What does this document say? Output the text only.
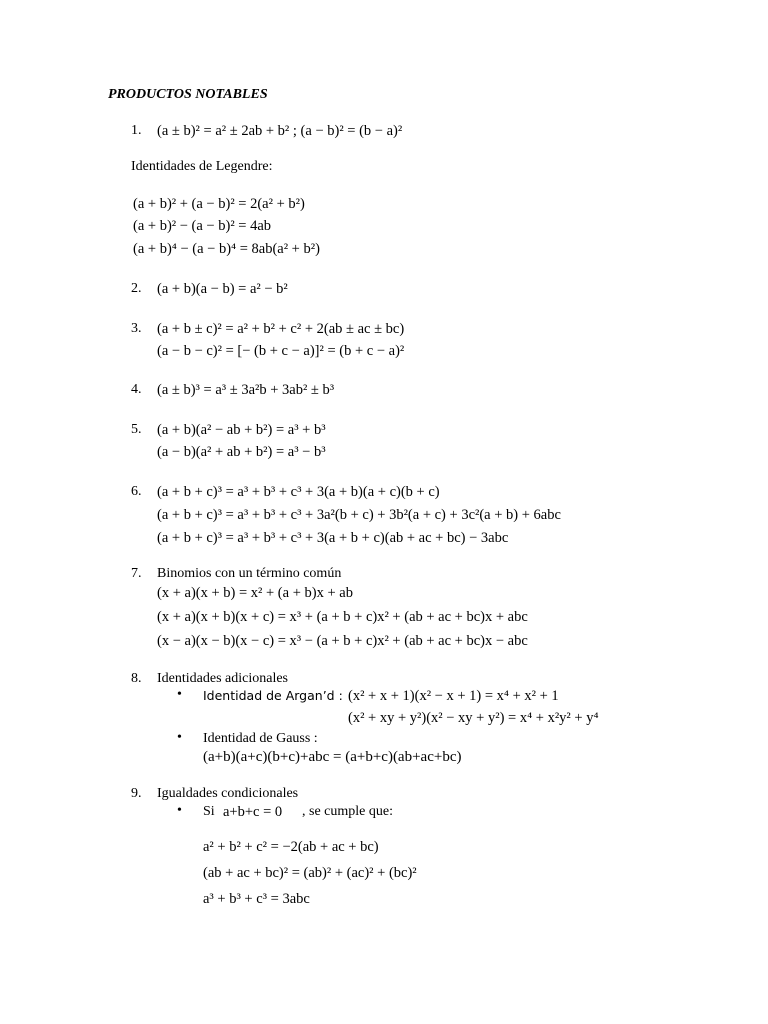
PRODUCTOS NOTABLES
1. (a ± b)² = a² ± 2ab + b² ; (a − b)² = (b − a)²
Identidades de Legendre:
(a + b)² + (a − b)² = 2(a² + b²)
(a + b)² − (a − b)² = 4ab
(a + b)⁴ − (a − b)⁴ = 8ab(a² + b²)
2. (a + b)(a − b) = a² − b²
3. (a + b ± c)² = a² + b² + c² + 2(ab ± ac ± bc)
(a − b − c)² = [− (b + c − a)]² = (b + c − a)²
4. (a ± b)³ = a³ ± 3a²b + 3ab² ± b³
5. (a + b)(a² − ab + b²) = a³ + b³
(a − b)(a² + ab + b²) = a³ − b³
6. (a + b + c)³ = a³ + b³ + c³ + 3(a + b)(a + c)(b + c)
(a + b + c)³ = a³ + b³ + c³ + 3a²(b + c) + 3b²(a + c) + 3c²(a + b) + 6abc
(a + b + c)³ = a³ + b³ + c³ + 3(a + b + c)(ab + ac + bc) − 3abc
7. Binomios con un término común
(x + a)(x + b) = x² + (a + b)x + ab
(x + a)(x + b)(x + c) = x³ + (a + b + c)x² + (ab + ac + bc)x + abc
(x − a)(x − b)(x − c) = x³ − (a + b + c)x² + (ab + ac + bc)x − abc
8. Identidades adicionales
• Identidad de Argan’d : (x² + x + 1)(x² − x + 1) = x⁴ + x² + 1
(x² + xy + y²)(x² − xy + y²) = x⁴ + x²y² + y⁴
• Identidad de Gauss :
(a+b)(a+c)(b+c)+abc = (a+b+c)(ab+ac+bc)
9. Igualdades condicionales
• Si a+b+c = 0 , se cumple que:
a² + b² + c² = −2(ab + ac + bc)
(ab + ac + bc)² = (ab)² + (ac)² + (bc)²
a³ + b³ + c³ = 3abc
